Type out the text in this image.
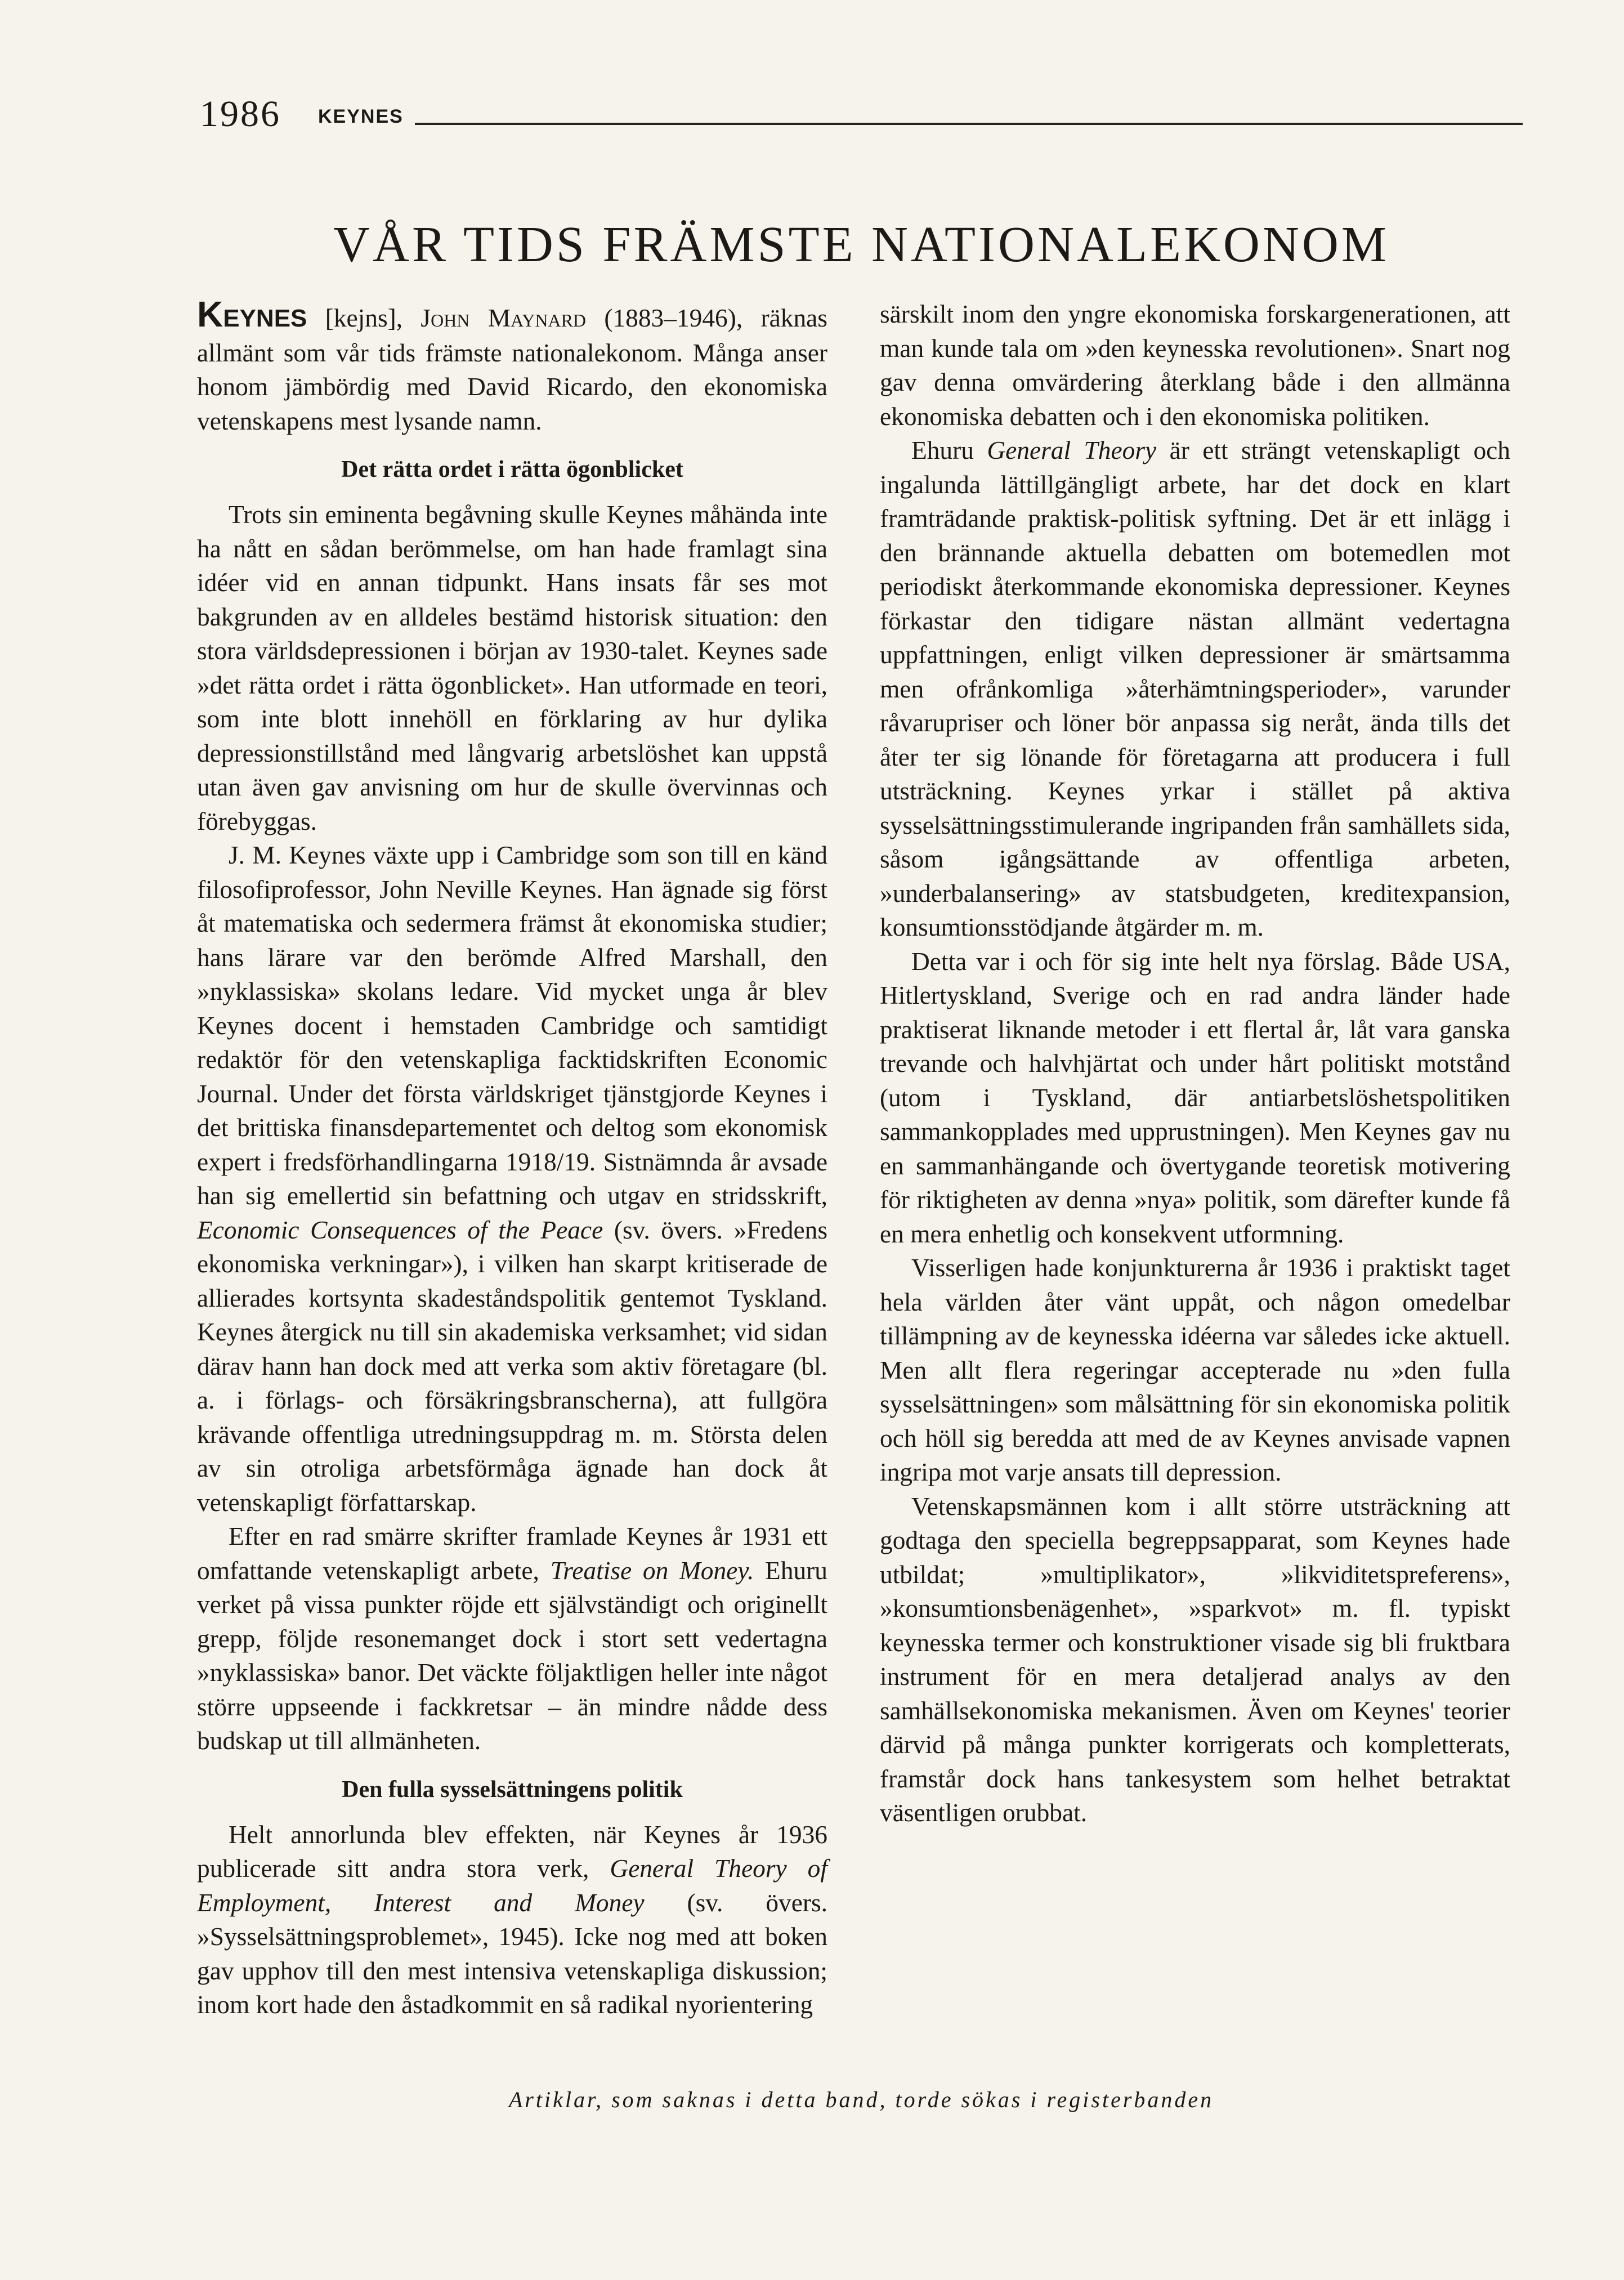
1986 KEYNES
VÅR TIDS FRÄMSTE NATIONALEKONOM

KEYNES [kejns], John Maynard (1883–1946), räknas allmänt som vår tids främste nationalekonom. Många anser honom jämbördig med David Ricardo, den ekonomiska vetenskapens mest lysande namn.

Det rätta ordet i rätta ögonblicket

Trots sin eminenta begåvning skulle Keynes måhända inte ha nått en sådan berömmelse, om han hade framlagt sina idéer vid en annan tidpunkt. Hans insats får ses mot bakgrunden av en alldeles bestämd historisk situation: den stora världsdepressionen i början av 1930-talet. Keynes sade »det rätta ordet i rätta ögonblicket». Han utformade en teori, som inte blott innehöll en förklaring av hur dylika depressionstillstånd med långvarig arbetslöshet kan uppstå utan även gav anvisning om hur de skulle övervinnas och förebyggas.

J. M. Keynes växte upp i Cambridge som son till en känd filosofiprofessor, John Neville Keynes. Han ägnade sig först åt matematiska och sedermera främst åt ekonomiska studier; hans lärare var den berömde Alfred Marshall, den »nyklassiska» skolans ledare. Vid mycket unga år blev Keynes docent i hemstaden Cambridge och samtidigt redaktör för den vetenskapliga facktidskriften Economic Journal. Under det första världskriget tjänstgjorde Keynes i det brittiska finansdepartementet och deltog som ekonomisk expert i fredsförhandlingarna 1918/19. Sistnämnda år avsade han sig emellertid sin befattning och utgav en stridsskrift, Economic Consequences of the Peace (sv. övers. »Fredens ekonomiska verkningar»), i vilken han skarpt kritiserade de allierades kortsynta skadeståndspolitik gentemot Tyskland. Keynes återgick nu till sin akademiska verksamhet; vid sidan därav hann han dock med att verka som aktiv företagare (bl. a. i förlags- och försäkringsbranscherna), att fullgöra krävande offentliga utredningsuppdrag m. m. Största delen av sin otroliga arbetsförmåga ägnade han dock åt vetenskapligt författarskap.

Efter en rad smärre skrifter framlade Keynes år 1931 ett omfattande vetenskapligt arbete, Treatise on Money. Ehuru verket på vissa punkter röjde ett självständigt och originellt grepp, följde resonemanget dock i stort sett vedertagna »nyklassiska» banor. Det väckte följaktligen heller inte något större uppseende i fackkretsar – än mindre nådde dess budskap ut till allmänheten.

Den fulla sysselsättningens politik

Helt annorlunda blev effekten, när Keynes år 1936 publicerade sitt andra stora verk, General Theory of Employment, Interest and Money (sv. övers. »Sysselsättningsproblemet», 1945). Icke nog med att boken gav upphov till den mest intensiva vetenskapliga diskussion; inom kort hade den åstadkommit en så radikal nyorientering

särskilt inom den yngre ekonomiska forskargenerationen, att man kunde tala om »den keynesska revolutionen». Snart nog gav denna omvärdering återklang både i den allmänna ekonomiska debatten och i den ekonomiska politiken.

Ehuru General Theory är ett strängt vetenskapligt och ingalunda lättillgängligt arbete, har det dock en klart framträdande praktisk-politisk syftning. Det är ett inlägg i den brännande aktuella debatten om botemedlen mot periodiskt återkommande ekonomiska depressioner. Keynes förkastar den tidigare nästan allmänt vedertagna uppfattningen, enligt vilken depressioner är smärtsamma men ofrånkomliga »återhämtningsperioder», varunder råvarupriser och löner bör anpassa sig neråt, ända tills det åter ter sig lönande för företagarna att producera i full utsträckning. Keynes yrkar i stället på aktiva sysselsättningsstimulerande ingripanden från samhällets sida, såsom igångsättande av offentliga arbeten, »underbalansering» av statsbudgeten, kreditexpansion, konsumtionsstödjande åtgärder m. m.

Detta var i och för sig inte helt nya förslag. Både USA, Hitlertyskland, Sverige och en rad andra länder hade praktiserat liknande metoder i ett flertal år, låt vara ganska trevande och halvhjärtat och under hårt politiskt motstånd (utom i Tyskland, där antiarbetslöshetspolitiken sammankopplades med upprustningen). Men Keynes gav nu en sammanhängande och övertygande teoretisk motivering för riktigheten av denna »nya» politik, som därefter kunde få en mera enhetlig och konsekvent utformning.

Visserligen hade konjunkturerna år 1936 i praktiskt taget hela världen åter vänt uppåt, och någon omedelbar tillämpning av de keynesska idéerna var således icke aktuell. Men allt flera regeringar accepterade nu »den fulla sysselsättningen» som målsättning för sin ekonomiska politik och höll sig beredda att med de av Keynes anvisade vapnen ingripa mot varje ansats till depression.

Vetenskapsmännen kom i allt större utsträckning att godtaga den speciella begreppsapparat, som Keynes hade utbildat; »multiplikator», »likviditetspreferens», »konsumtionsbenägenhet», »sparkvot» m. fl. typiskt keynesska termer och konstruktioner visade sig bli fruktbara instrument för en mera detaljerad analys av den samhällsekonomiska mekanismen. Även om Keynes' teorier därvid på många punkter korrigerats och kompletterats, framstår dock hans tankesystem som helhet betraktat väsentligen orubbat.

Artiklar, som saknas i detta band, torde sökas i registerbanden
